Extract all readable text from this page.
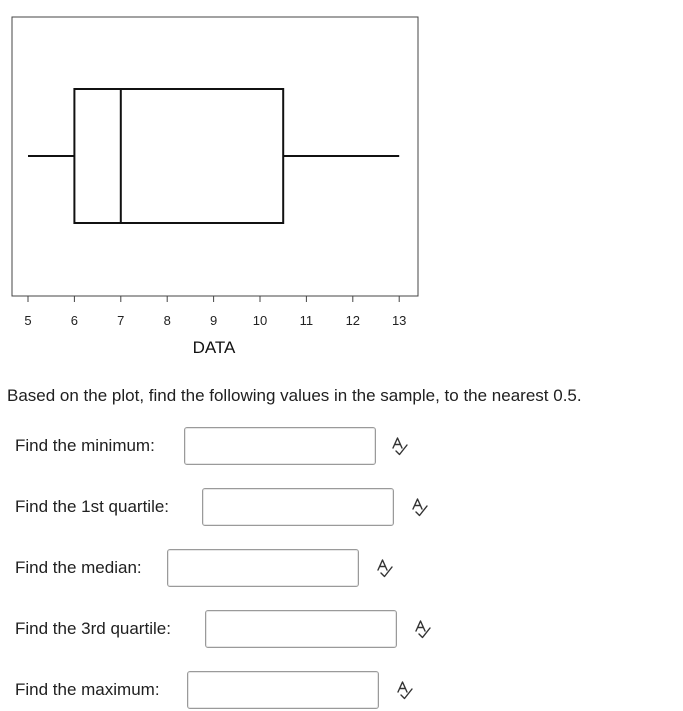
5	6	7	8	9	10 11 12 13
DATA
Based on the plot, find the following values in the sample, to the nearest 0.5.
Find the minimum:
Find the 1st quartile:
Find the median:
Find the 3rd quartile:
Find the maximum:
